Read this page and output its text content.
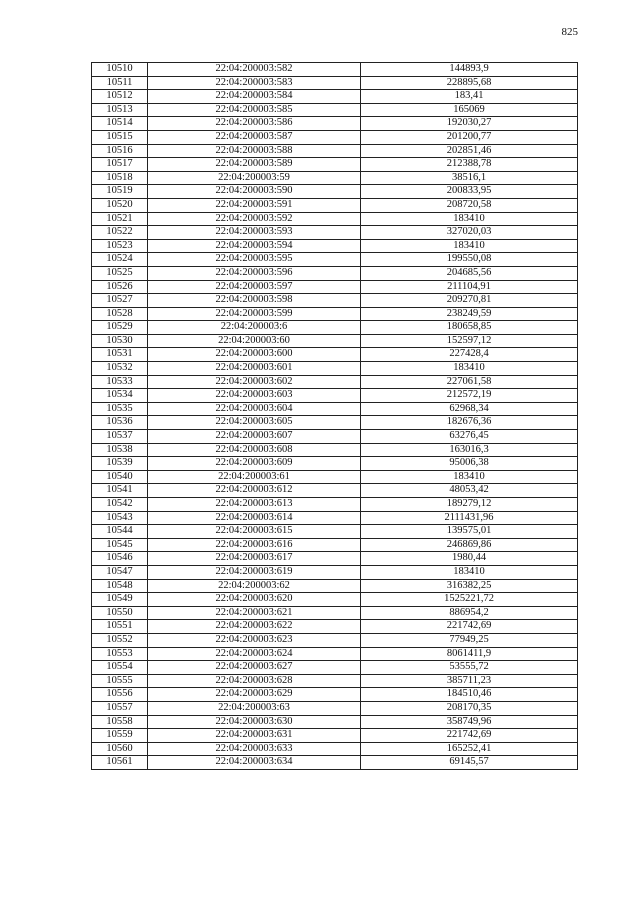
825
10510	22:04:200003:582	144893,9
10511	22:04:200003:583	228895,68
10512	22:04:200003:584	183,41
10513	22:04:200003:585	165069
10514	22:04:200003:586	192030,27
10515	22:04:200003:587	201200,77
10516	22:04:200003:588	202851,46
10517	22:04:200003:589	212388,78
10518	22:04:200003:59	38516,1
10519	22:04:200003:590	200833,95
10520	22:04:200003:591	208720,58
10521	22:04:200003:592	183410
10522	22:04:200003:593	327020,03
10523	22:04:200003:594	183410
10524	22:04:200003:595	199550,08
10525	22:04:200003:596	204685,56
10526	22:04:200003:597	211104,91
10527	22:04:200003:598	209270,81
10528	22:04:200003:599	238249,59
10529	22:04:200003:6	180658,85
10530	22:04:200003:60	152597,12
10531	22:04:200003:600	227428,4
10532	22:04:200003:601	183410
10533	22:04:200003:602	227061,58
10534	22:04:200003:603	212572,19
10535	22:04:200003:604	62968,34
10536	22:04:200003:605	182676,36
10537	22:04:200003:607	63276,45
10538	22:04:200003:608	163016,3
10539	22:04:200003:609	95006,38
10540	22:04:200003:61	183410
10541	22:04:200003:612	48053,42
10542	22:04:200003:613	189279,12
10543	22:04:200003:614	2111431,96
10544	22:04:200003:615	139575,01
10545	22:04:200003:616	246869,86
10546	22:04:200003:617	1980,44
10547	22:04:200003:619	183410
10548	22:04:200003:62	316382,25
10549	22:04:200003:620	1525221,72
10550	22:04:200003:621	886954,2
10551	22:04:200003:622	221742,69
10552	22:04:200003:623	77949,25
10553	22:04:200003:624	8061411,9
10554	22:04:200003:627	53555,72
10555	22:04:200003:628	385711,23
10556	22:04:200003:629	184510,46
10557	22:04:200003:63	208170,35
10558	22:04:200003:630	358749,96
10559	22:04:200003:631	221742,69
10560	22:04:200003:633	165252,41
10561	22:04:200003:634	69145,57
